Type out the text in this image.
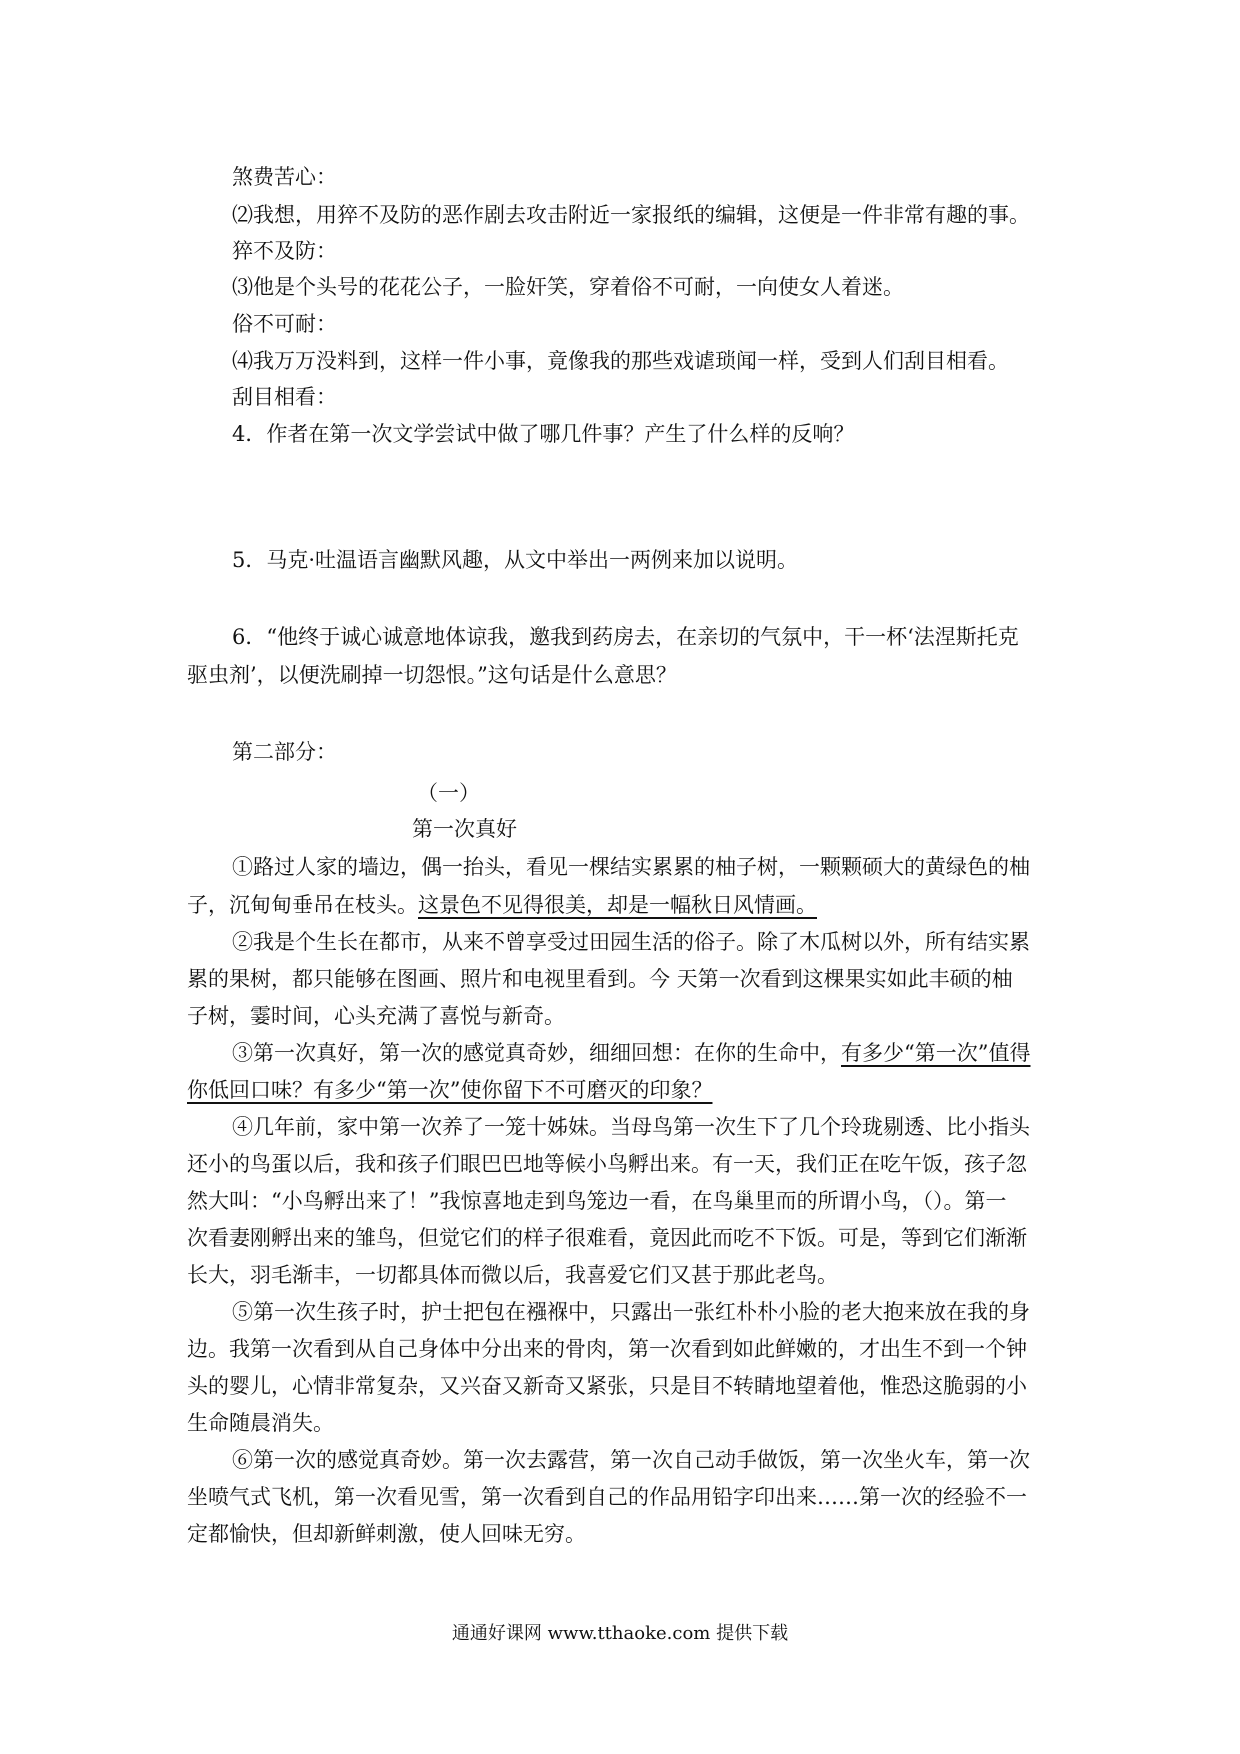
煞费苦心：
⑵我想，用猝不及防的恶作剧去攻击附近一家报纸的编辑，这便是一件非常有趣的事。
猝不及防：
⑶他是个头号的花花公子，一脸奸笑，穿着俗不可耐，一向使女人着迷。
俗不可耐：
⑷我万万没料到，这样一件小事，竟像我的那些戏谑琐闻一样，受到人们刮目相看。
刮目相看：
4．作者在第一次文学尝试中做了哪几件事？产生了什么样的反响？
5．马克·吐温语言幽默风趣，从文中举出一两例来加以说明。
6．“他终于诚心诚意地体谅我，邀我到药房去，在亲切的气氛中，干一杯‘法涅斯托克
驱虫剂’，以便洗刷掉一切怨恨。”这句话是什么意思？
第二部分：
（一）
第一次真好
①路过人家的墙边，偶一抬头，看见一棵结实累累的柚子树，一颗颗硕大的黄绿色的柚
子，沉甸甸垂吊在枝头。这景色不见得很美，却是一幅秋日风情画。
②我是个生长在都市，从来不曾享受过田园生活的俗子。除了木瓜树以外，所有结实累
累的果树，都只能够在图画、照片和电视里看到。今 天第一次看到这棵果实如此丰硕的柚
子树，霎时间，心头充满了喜悦与新奇。
③第一次真好，第一次的感觉真奇妙，细细回想：在你的生命中，有多少“第一次”值得
你低回口味？有多少“第一次”使你留下不可磨灭的印象？
④几年前，家中第一次养了一笼十姊妹。当母鸟第一次生下了几个玲珑剔透、比小指头
还小的鸟蛋以后，我和孩子们眼巴巴地等候小鸟孵出来。有一天，我们正在吃午饭，孩子忽
然大叫：“小鸟孵出来了！”我惊喜地走到鸟笼边一看，在鸟巢里而的所谓小鸟，（）。第一
次看妻刚孵出来的雏鸟，但觉它们的样子很难看，竟因此而吃不下饭。可是，等到它们渐渐
长大，羽毛渐丰，一切都具体而微以后，我喜爱它们又甚于那此老鸟。
⑤第一次生孩子时，护士把包在襁褓中，只露出一张红朴朴小脸的老大抱来放在我的身
边。我第一次看到从自己身体中分出来的骨肉，第一次看到如此鲜嫩的，才出生不到一个钟
头的婴儿，心情非常复杂，又兴奋又新奇又紧张，只是目不转睛地望着他，惟恐这脆弱的小
生命随晨消失。
⑥第一次的感觉真奇妙。第一次去露营，第一次自己动手做饭，第一次坐火车，第一次
坐喷气式飞机，第一次看见雪，第一次看到自己的作品用铅字印出来……第一次的经验不一
定都愉快，但却新鲜刺激，使人回味无穷。
通通好课网 www.tthaoke.com 提供下载
